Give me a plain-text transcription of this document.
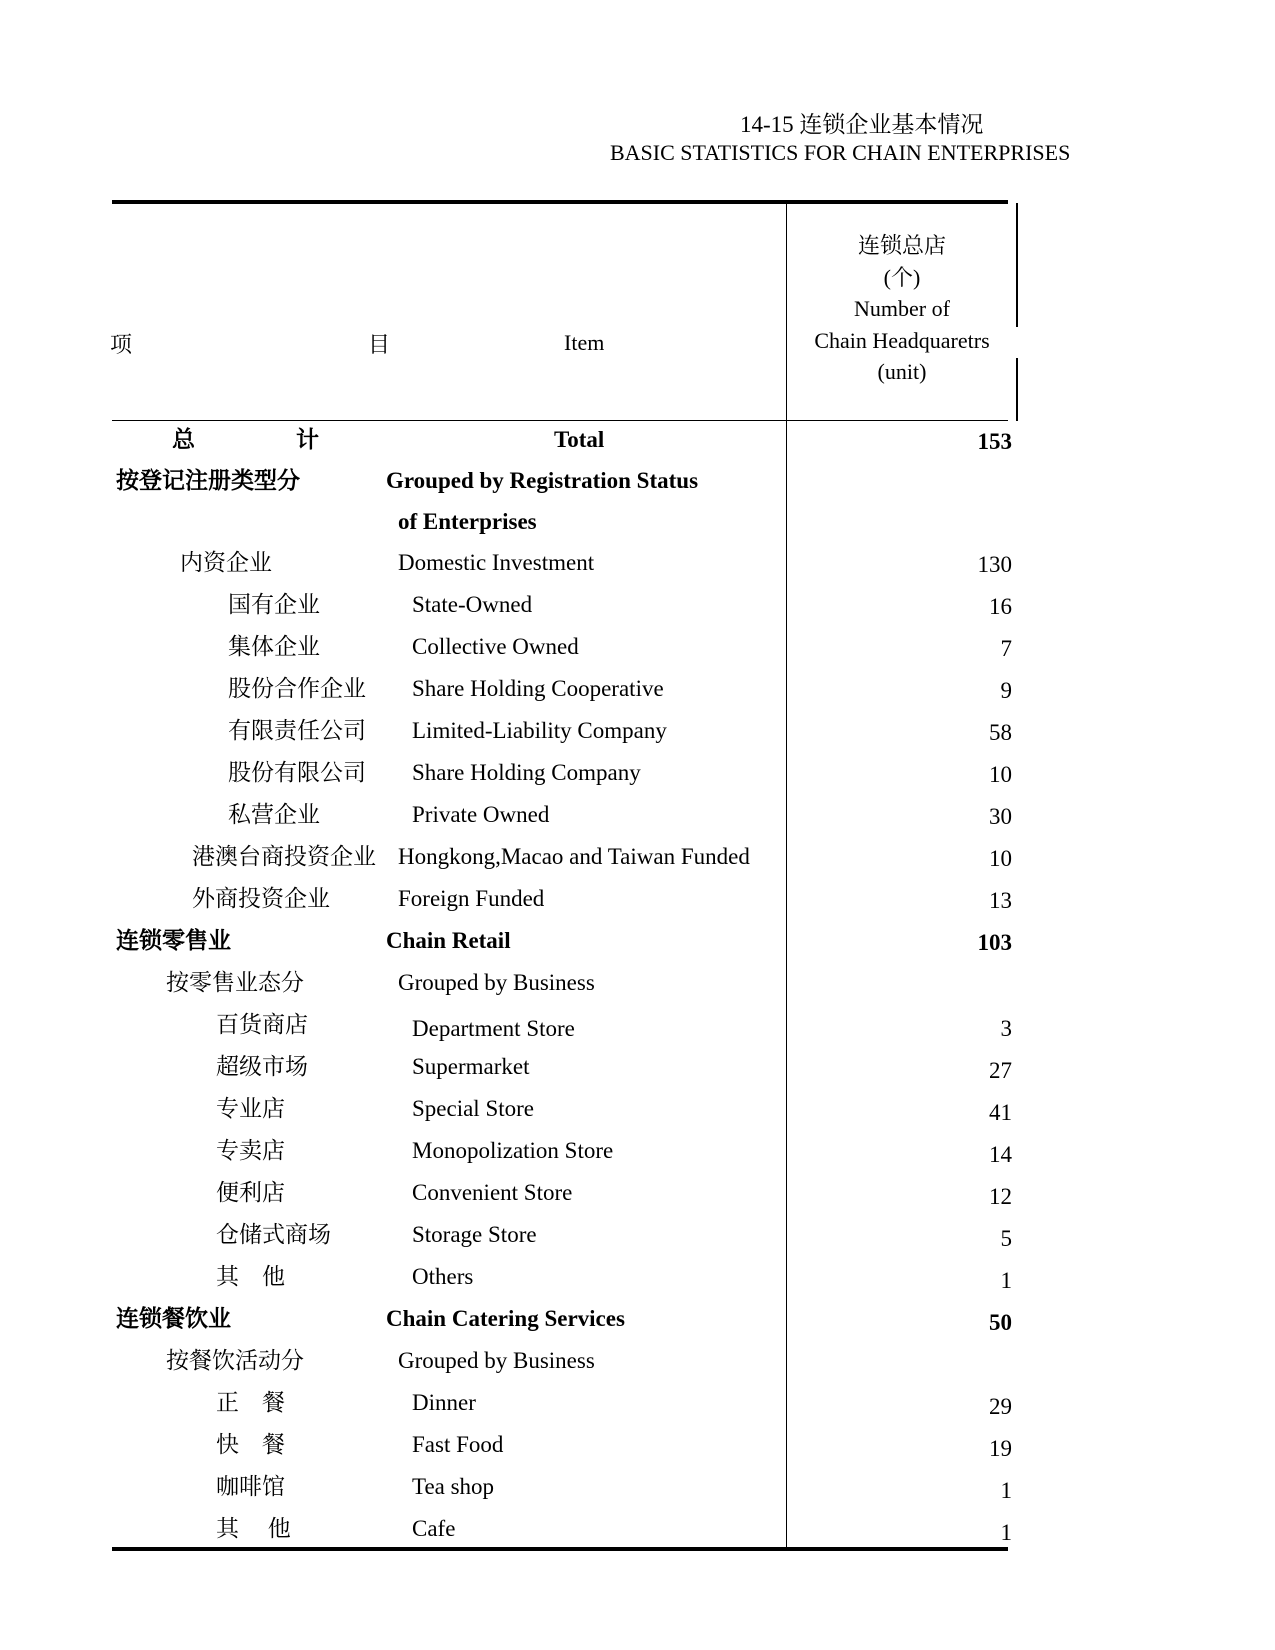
14-15 连锁企业基本情况
BASIC STATISTICS FOR CHAIN ENTERPRISES
项	目	Item
连锁总店
(个)
Number of
Chain Headquaretrs
(unit)
总	计	Total	153
按登记注册类型分	Grouped by Registration Status
of Enterprises
内资企业	Domestic Investment	130
国有企业	State-Owned	16
集体企业	Collective Owned	7
股份合作企业 Share Holding Cooperative	9
有限责任公司 Limited-Liability Company	58
股份有限公司 Share Holding Company	10
私营企业	Private Owned	30
港澳台商投资企业 Hongkong,Macao and Taiwan Funded	10
外商投资企业	Foreign Funded	13
连锁零售业	Chain Retail	103
按零售业态分	Grouped by Business
百货商店	Department Store	3
超级市场	Supermarket	27
专业店	Special Store	41
专卖店	Monopolization Store	14
便利店	Convenient Store	12
仓储式商场	Storage Store	5
其　他	Others	1
连锁餐饮业	Chain Catering Services	50
按餐饮活动分	Grouped by Business
正　餐	Dinner	29
快　餐	Fast Food	19
咖啡馆	Tea shop	1
其　 他	Cafe	1
